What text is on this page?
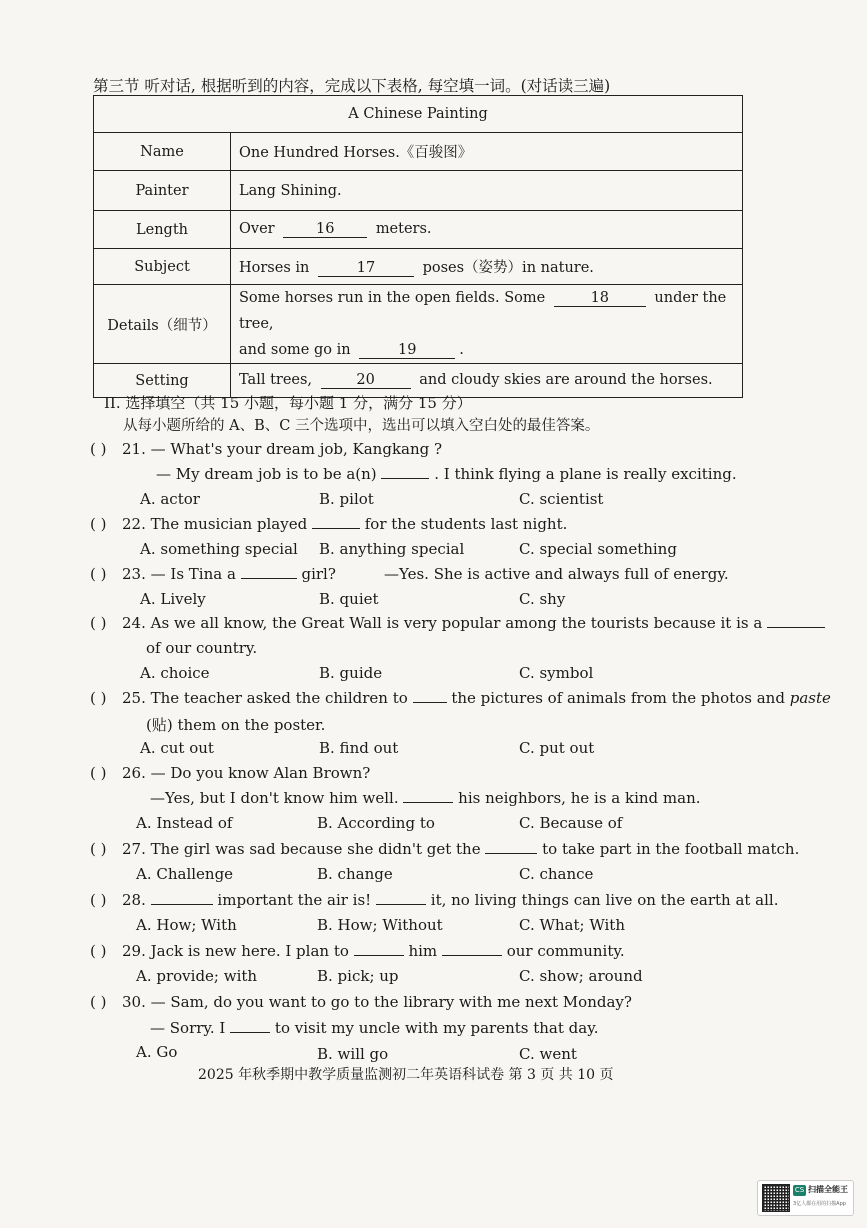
第三节 听对话, 根据听到的内容，完成以下表格, 每空填一词。(对话读三遍)
A Chinese Painting	
Name	One Hundred Horses.《百骏图》
Painter	Lang Shining.
Length	Over 16 meters.
Subject	Horses in 17 poses（姿势）in nature.
Details（细节）	Some horses run in the open fields. Some 18 under the tree,
and some go in 19 .

Setting	Tall trees, 20 and cloudy skies are around the horses.
II. 选择填空（共 15 小题，每小题 1 分，满分 15 分）
从每小题所给的 A、B、C 三个选项中，选出可以填入空白处的最佳答案。
( ) 21. — What's your dream job, Kangkang ?
— My dream job is to be a(n)	. I think flying a plane is really exciting.
A. actor	B. pilot	C. scientist
( ) 22. The musician played	for the students last night.
A. something special B. anything special	C. special something
( ) 23. — Is Tina a	girl?	—Yes. She is active and always full of energy.
A. Lively	B. quiet	C. shy
( ) 24. As we all know, the Great Wall is very popular among the tourists because it is a
of our country.
A. choice	B. guide	C. symbol
( ) 25. The teacher asked the children to	the pictures of animals from the photos and paste
(贴) them on the poster.
A. cut out	B. find out	C. put out
( ) 26. — Do you know Alan Brown?
—Yes, but I don't know him well.	his neighbors, he is a kind man.
A. Instead of	B. According to	C. Because of
( ) 27. The girl was sad because she didn't get the	to take part in the football match.
A. Challenge	B. change	C. chance
( ) 28.	important the air is!	it, no living things can live on the earth at all.
A. How; With	B. How; Without	C. What; With
( ) 29. Jack is new here. I plan to	him	our community.
A. provide; with	B. pick; up	C. show; around
( ) 30. — Sam, do you want to go to the library with me next Monday?
— Sorry. I	to visit my uncle with my parents that day.
A. Go	B. will go	C. went
2025 年秋季期中教学质量监测初二年英语科试卷 第 3 页 共 10 页
CS 扫描全能王
3亿人都在用的扫描App
